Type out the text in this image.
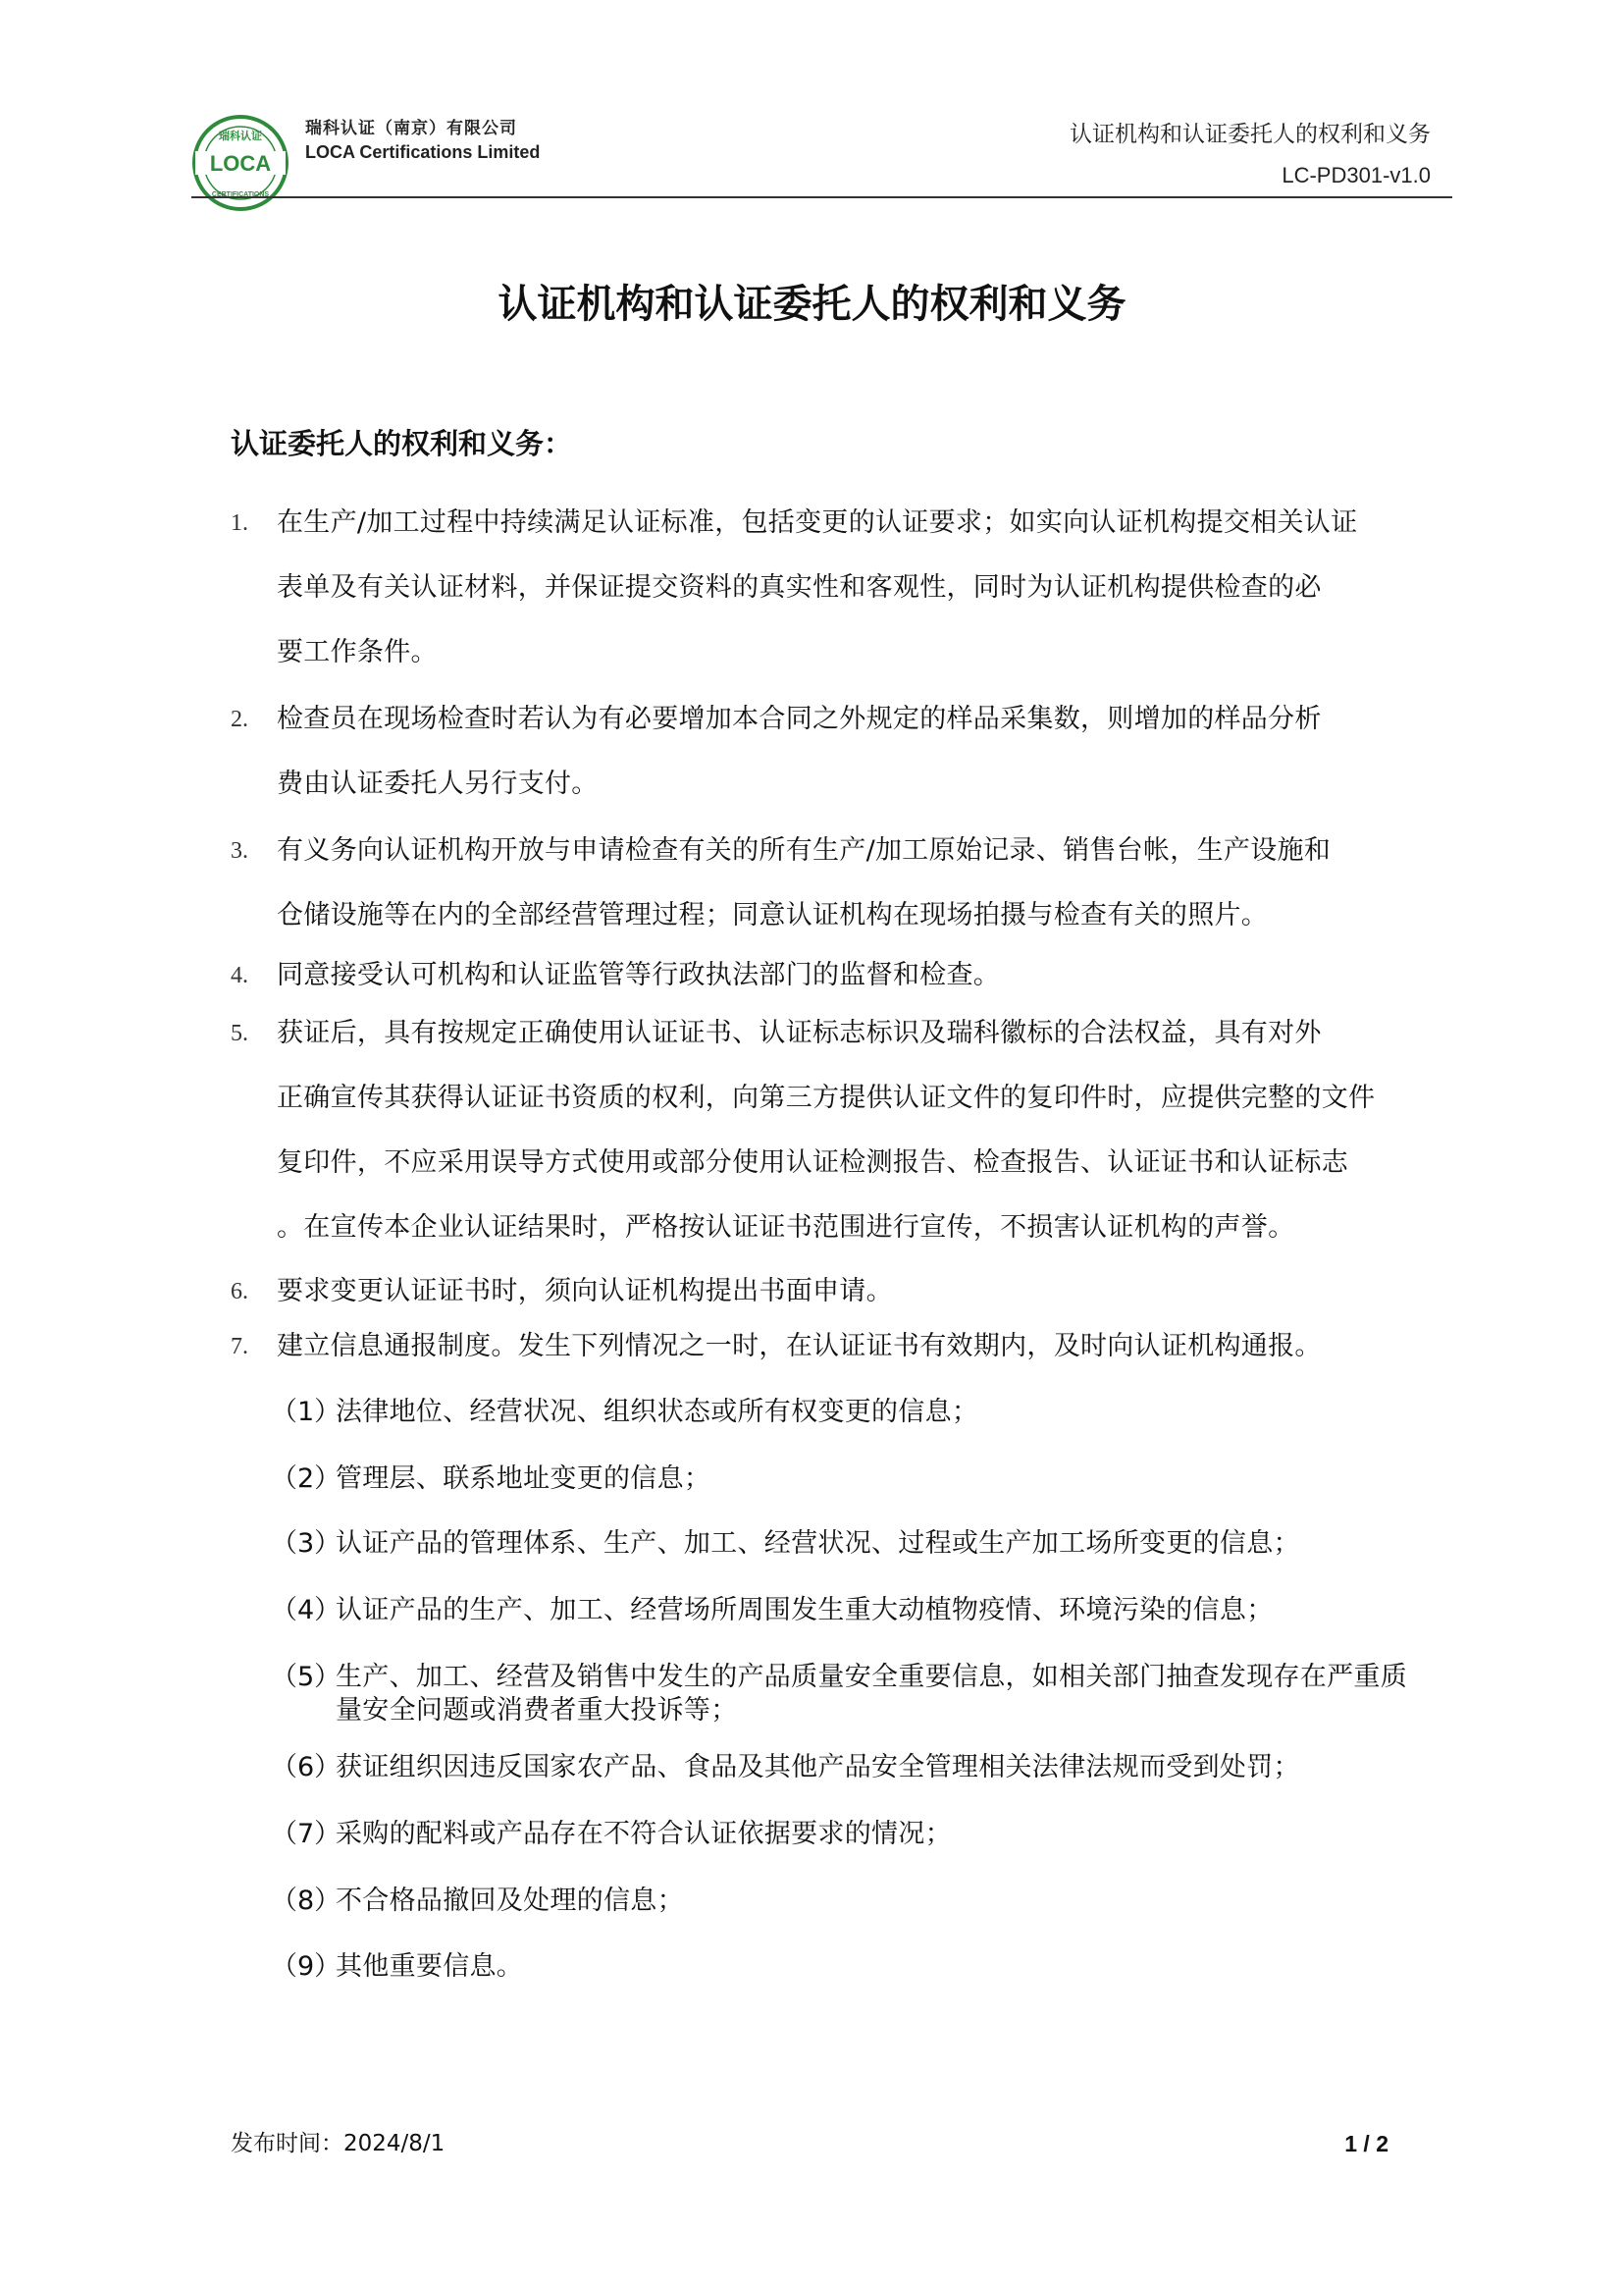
LOCA
瑞科认证
CERTIFICATIONS
瑞科认证（南京）有限公司
LOCA Certifications Limited
认证机构和认证委托人的权利和义务
LC-PD301-v1.0
认证机构和认证委托人的权利和义务
认证委托人的权利和义务：
1.	在生产/加工过程中持续满足认证标准，包括变更的认证要求；如实向认证机构提交相关认证
表单及有关认证材料，并保证提交资料的真实性和客观性，同时为认证机构提供检查的必
要工作条件。
2.	检查员在现场检查时若认为有必要增加本合同之外规定的样品采集数，则增加的样品分析
费由认证委托人另行支付。
3.	有义务向认证机构开放与申请检查有关的所有生产/加工原始记录、销售台帐，生产设施和
仓储设施等在内的全部经营管理过程；同意认证机构在现场拍摄与检查有关的照片。
4.	同意接受认可机构和认证监管等行政执法部门的监督和检查。
5.	获证后，具有按规定正确使用认证证书、认证标志标识及瑞科徽标的合法权益，具有对外
正确宣传其获得认证证书资质的权利，向第三方提供认证文件的复印件时，应提供完整的文件
复印件，不应采用误导方式使用或部分使用认证检测报告、检查报告、认证证书和认证标志
。在宣传本企业认证结果时，严格按认证证书范围进行宣传，不损害认证机构的声誉。
6.	要求变更认证证书时，须向认证机构提出书面申请。
7.	建立信息通报制度。发生下列情况之一时，在认证证书有效期内，及时向认证机构通报。
（1）
法律地位、经营状况、组织状态或所有权变更的信息；
（2）
管理层、联系地址变更的信息；
（3）
认证产品的管理体系、生产、加工、经营状况、过程或生产加工场所变更的信息；
（4）
认证产品的生产、加工、经营场所周围发生重大动植物疫情、环境污染的信息；
（5）
生产、加工、经营及销售中发生的产品质量安全重要信息，如相关部门抽查发现存在严重质
量安全问题或消费者重大投诉等；
（6）
获证组织因违反国家农产品、食品及其他产品安全管理相关法律法规而受到处罚；
（7）
采购的配料或产品存在不符合认证依据要求的情况；
（8）
不合格品撤回及处理的信息；
（9）
其他重要信息。
发布时间：2024/8/1	1 / 2
